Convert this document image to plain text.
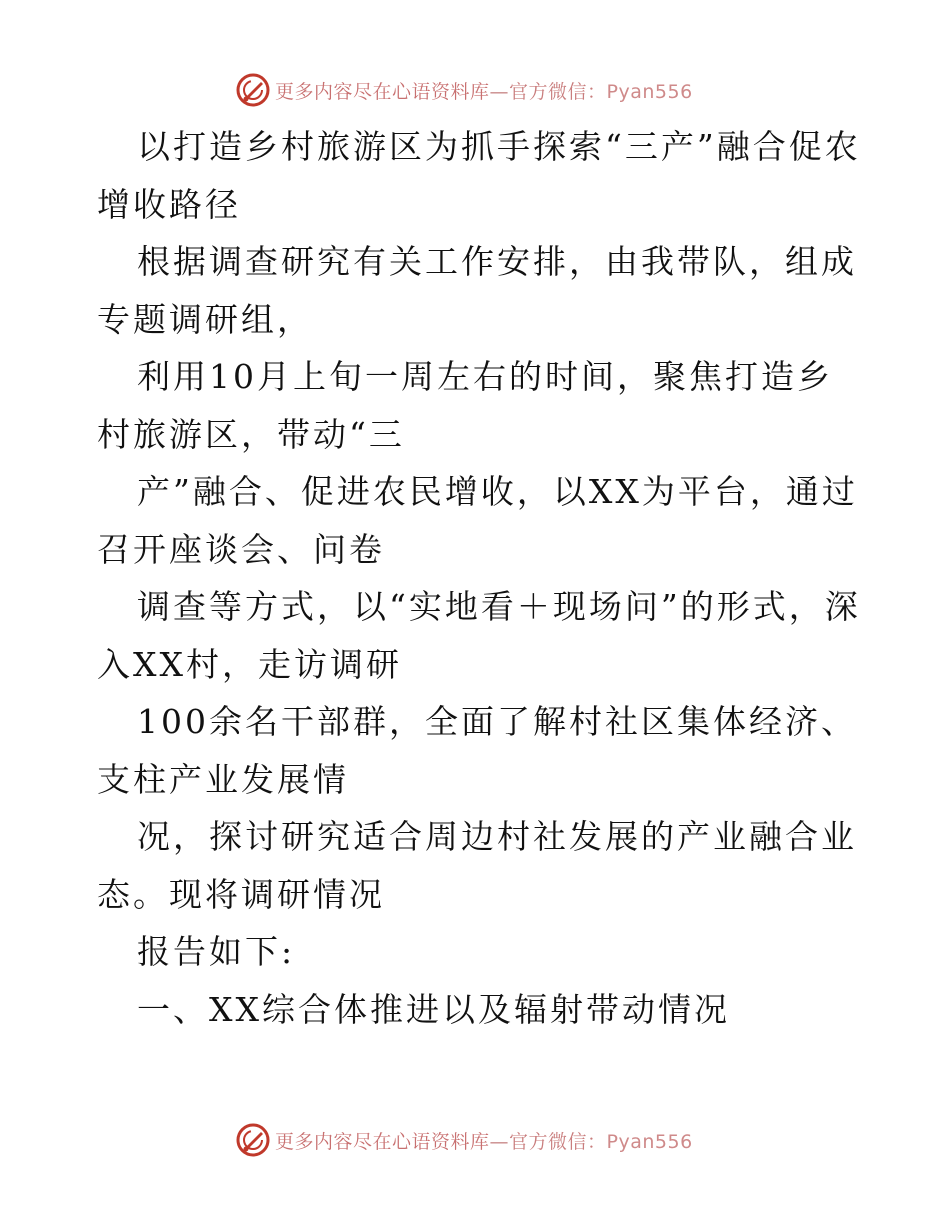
更多内容尽在心语资料库—官方微信：Pyan556

以打造乡村旅游区为抓手探索“三产”融合促农增收路径

根据调查研究有关工作安排，由我带队，组成专题调研组，

利用10月上旬一周左右的时间，聚焦打造乡村旅游区，带动“三

产”融合、促进农民增收，以XX为平台，通过召开座谈会、问卷

调查等方式，以“实地看＋现场问”的形式，深入XX村，走访调研

100余名干部群，全面了解村社区集体经济、支柱产业发展情

况，探讨研究适合周边村社发展的产业融合业态。现将调研情况

报告如下:

一、XX综合体推进以及辐射带动情况

更多内容尽在心语资料库—官方微信：Pyan556
